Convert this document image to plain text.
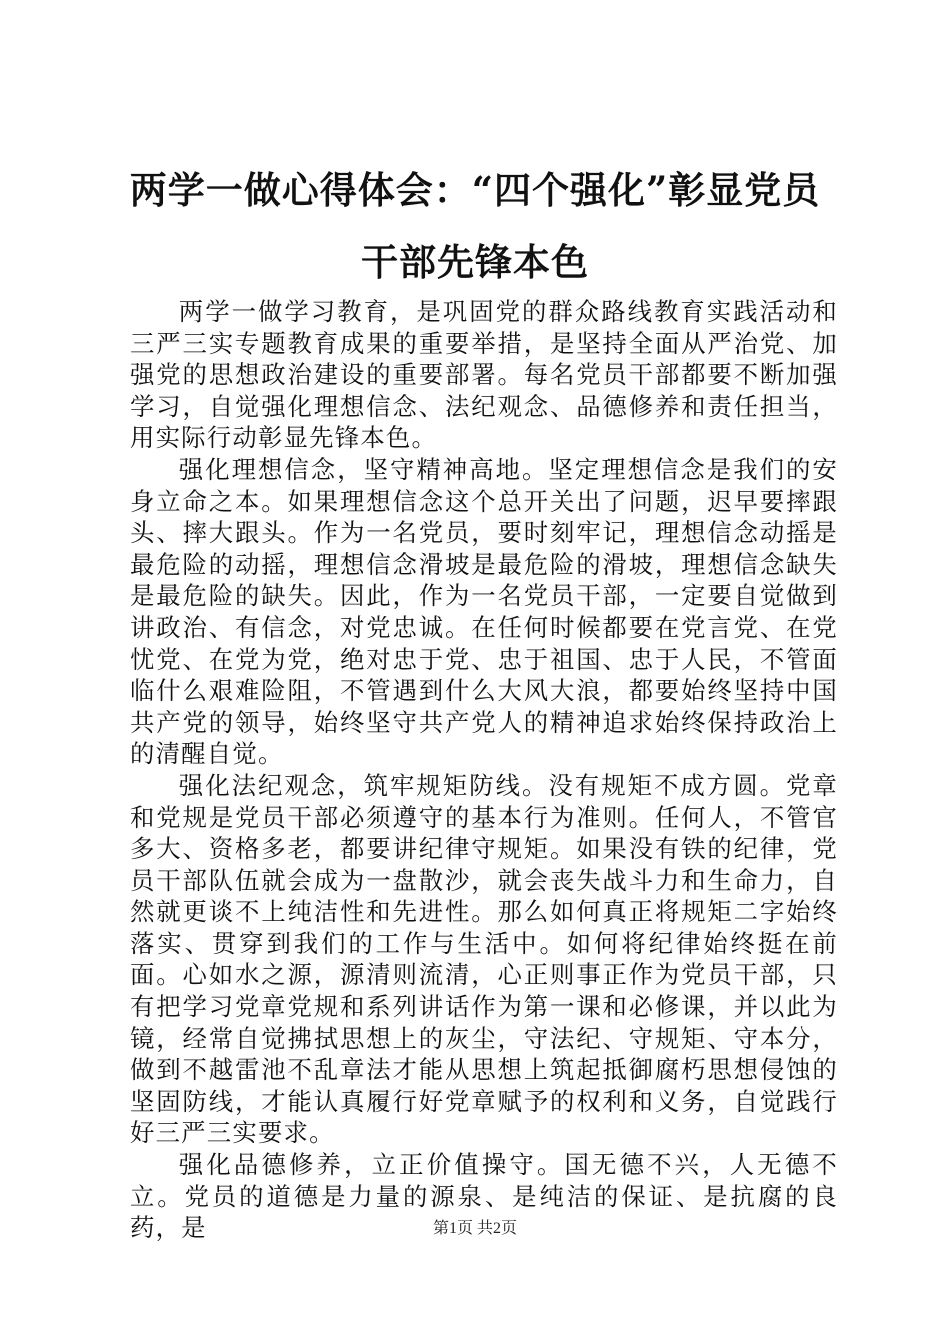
两学一做心得体会：“四个强化”彰显党员干部先锋本色

两学一做学习教育，是巩固党的群众路线教育实践活动和三严三实专题教育成果的重要举措，是坚持全面从严治党、加强党的思想政治建设的重要部署。每名党员干部都要不断加强学习，自觉强化理想信念、法纪观念、品德修养和责任担当，用实际行动彰显先锋本色。

强化理想信念，坚守精神高地。坚定理想信念是我们的安身立命之本。如果理想信念这个总开关出了问题，迟早要摔跟头、摔大跟头。作为一名党员，要时刻牢记，理想信念动摇是最危险的动摇，理想信念滑坡是最危险的滑坡，理想信念缺失是最危险的缺失。因此，作为一名党员干部，一定要自觉做到讲政治、有信念，对党忠诚。在任何时候都要在党言党、在党忧党、在党为党，绝对忠于党、忠于祖国、忠于人民，不管面临什么艰难险阻，不管遇到什么大风大浪，都要始终坚持中国共产党的领导，始终坚守共产党人的精神追求始终保持政治上的清醒自觉。

强化法纪观念，筑牢规矩防线。没有规矩不成方圆。党章和党规是党员干部必须遵守的基本行为准则。任何人，不管官多大、资格多老，都要讲纪律守规矩。如果没有铁的纪律，党员干部队伍就会成为一盘散沙，就会丧失战斗力和生命力，自然就更谈不上纯洁性和先进性。那么如何真正将规矩二字始终落实、贯穿到我们的工作与生活中。如何将纪律始终挺在前面。心如水之源，源清则流清，心正则事正作为党员干部，只有把学习党章党规和系列讲话作为第一课和必修课，并以此为镜，经常自觉拂拭思想上的灰尘，守法纪、守规矩、守本分，做到不越雷池不乱章法才能从思想上筑起抵御腐朽思想侵蚀的坚固防线，才能认真履行好党章赋予的权利和义务，自觉践行好三严三实要求。

强化品德修养，立正价值操守。国无德不兴，人无德不立。党员的道德是力量的源泉、是纯洁的保证、是抗腐的良药，是	第1页 共2页
